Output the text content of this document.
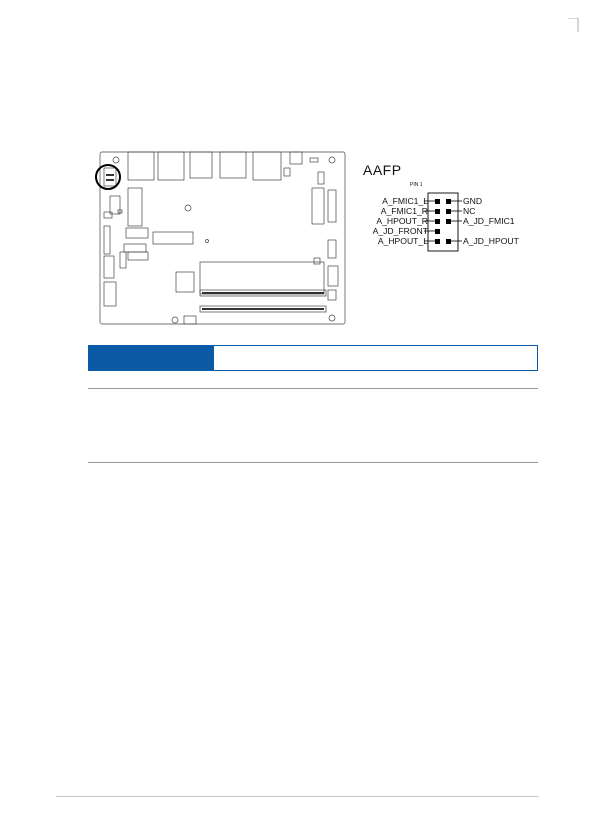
AAFP
PIN 1
A_FMIC1_L
A_FMIC1_R
A_HPOUT_R
A_JD_FRONT
A_HPOUT_L
GND
NC
A_JD_FMIC1
A_JD_HPOUT
